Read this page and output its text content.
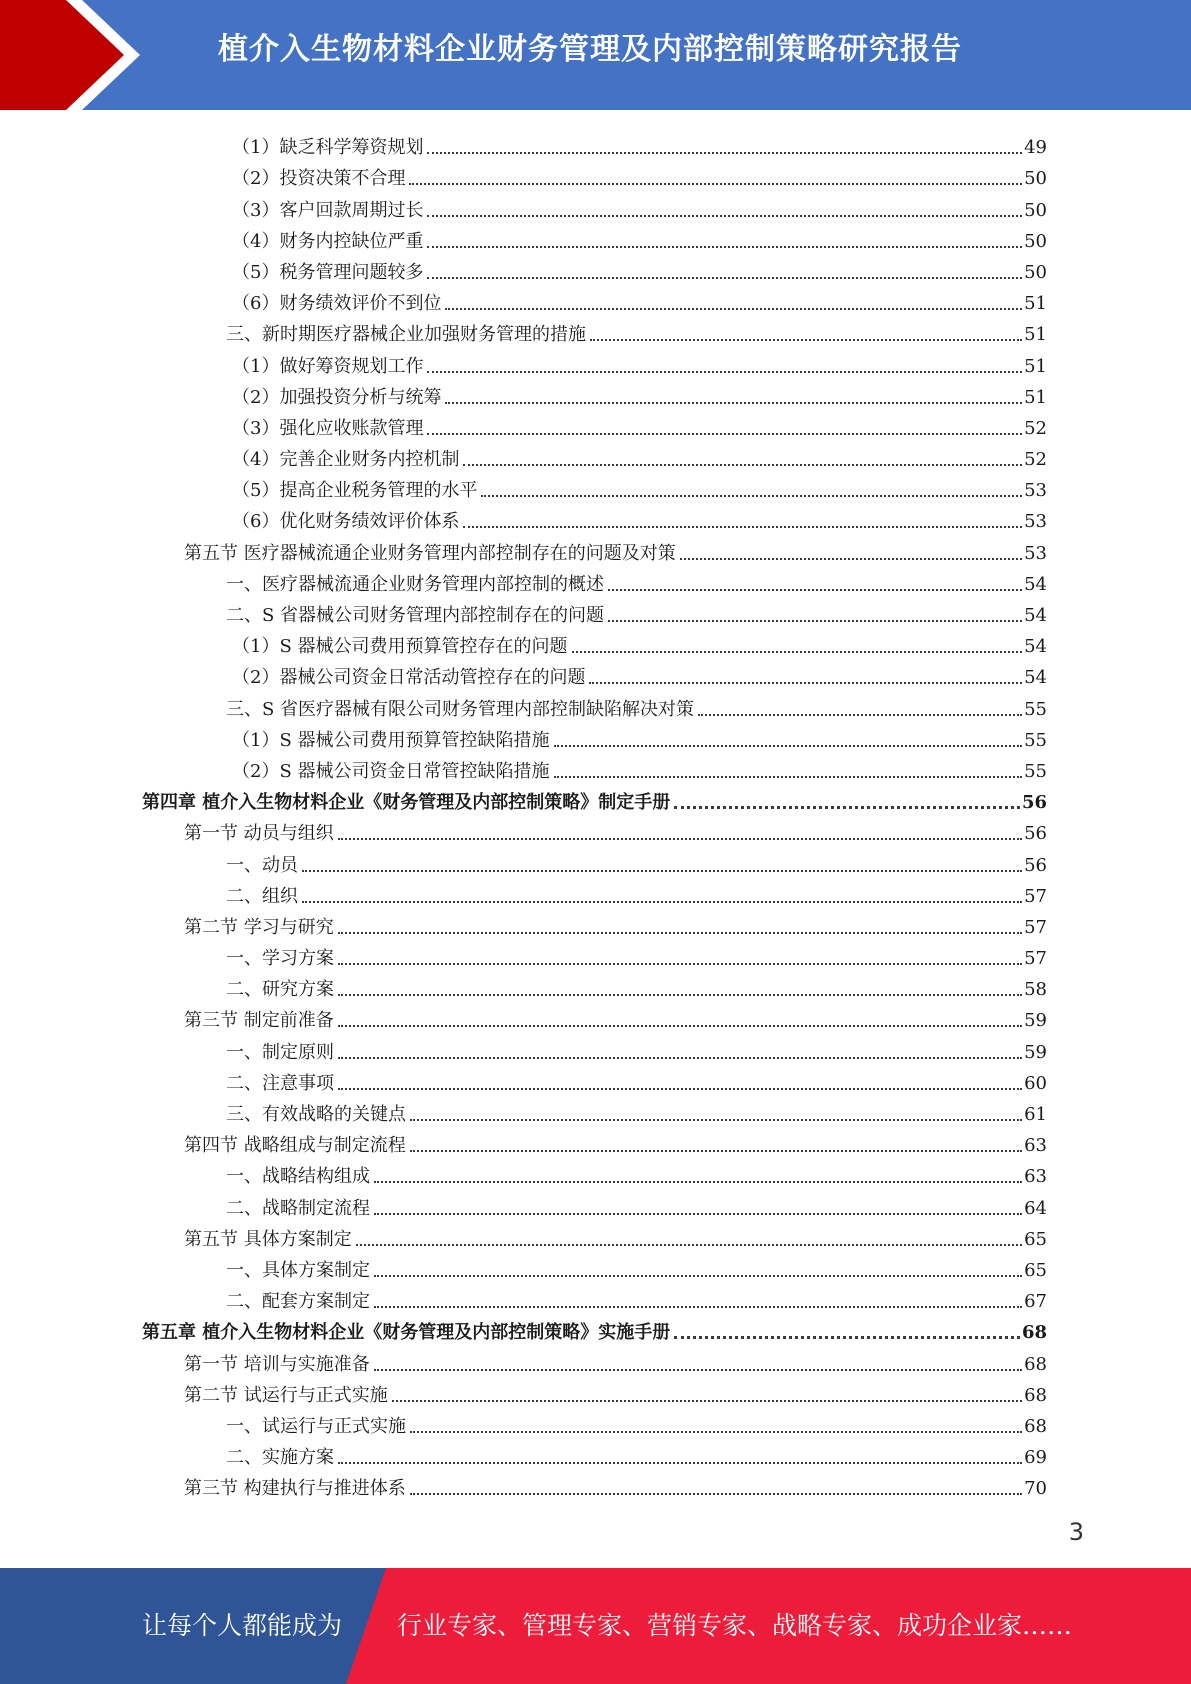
植介入生物材料企业财务管理及内部控制策略研究报告
（1）缺乏科学筹资规划	49
（2）投资决策不合理	50
（3）客户回款周期过长	50
（4）财务内控缺位严重	50
（5）税务管理问题较多	50
（6）财务绩效评价不到位	51
三、新时期医疗器械企业加强财务管理的措施	51
（1）做好筹资规划工作	51
（2）加强投资分析与统筹	51
（3）强化应收账款管理	52
（4）完善企业财务内控机制	52
（5）提高企业税务管理的水平	53
（6）优化财务绩效评价体系	53
第五节 医疗器械流通企业财务管理内部控制存在的问题及对策	53
一、医疗器械流通企业财务管理内部控制的概述	54
二、S 省器械公司财务管理内部控制存在的问题	54
（1）S 器械公司费用预算管控存在的问题	54
（2）器械公司资金日常活动管控存在的问题	54
三、S 省医疗器械有限公司财务管理内部控制缺陷解决对策	55
（1）S 器械公司费用预算管控缺陷措施	55
（2）S 器械公司资金日常管控缺陷措施	55
第四章 植介入生物材料企业《财务管理及内部控制策略》制定手册	56
第一节 动员与组织	56
一、动员	56
二、组织	57
第二节 学习与研究	57
一、学习方案	57
二、研究方案	58
第三节 制定前准备	59
一、制定原则	59
二、注意事项	60
三、有效战略的关键点	61
第四节 战略组成与制定流程	63
一、战略结构组成	63
二、战略制定流程	64
第五节 具体方案制定	65
一、具体方案制定	65
二、配套方案制定	67
第五章 植介入生物材料企业《财务管理及内部控制策略》实施手册	68
第一节 培训与实施准备	68
第二节 试运行与正式实施	68
一、试运行与正式实施	68
二、实施方案	69
第三节 构建执行与推进体系	70
3
让每个人都能成为 行业专家、管理专家、营销专家、战略专家、成功企业家……
